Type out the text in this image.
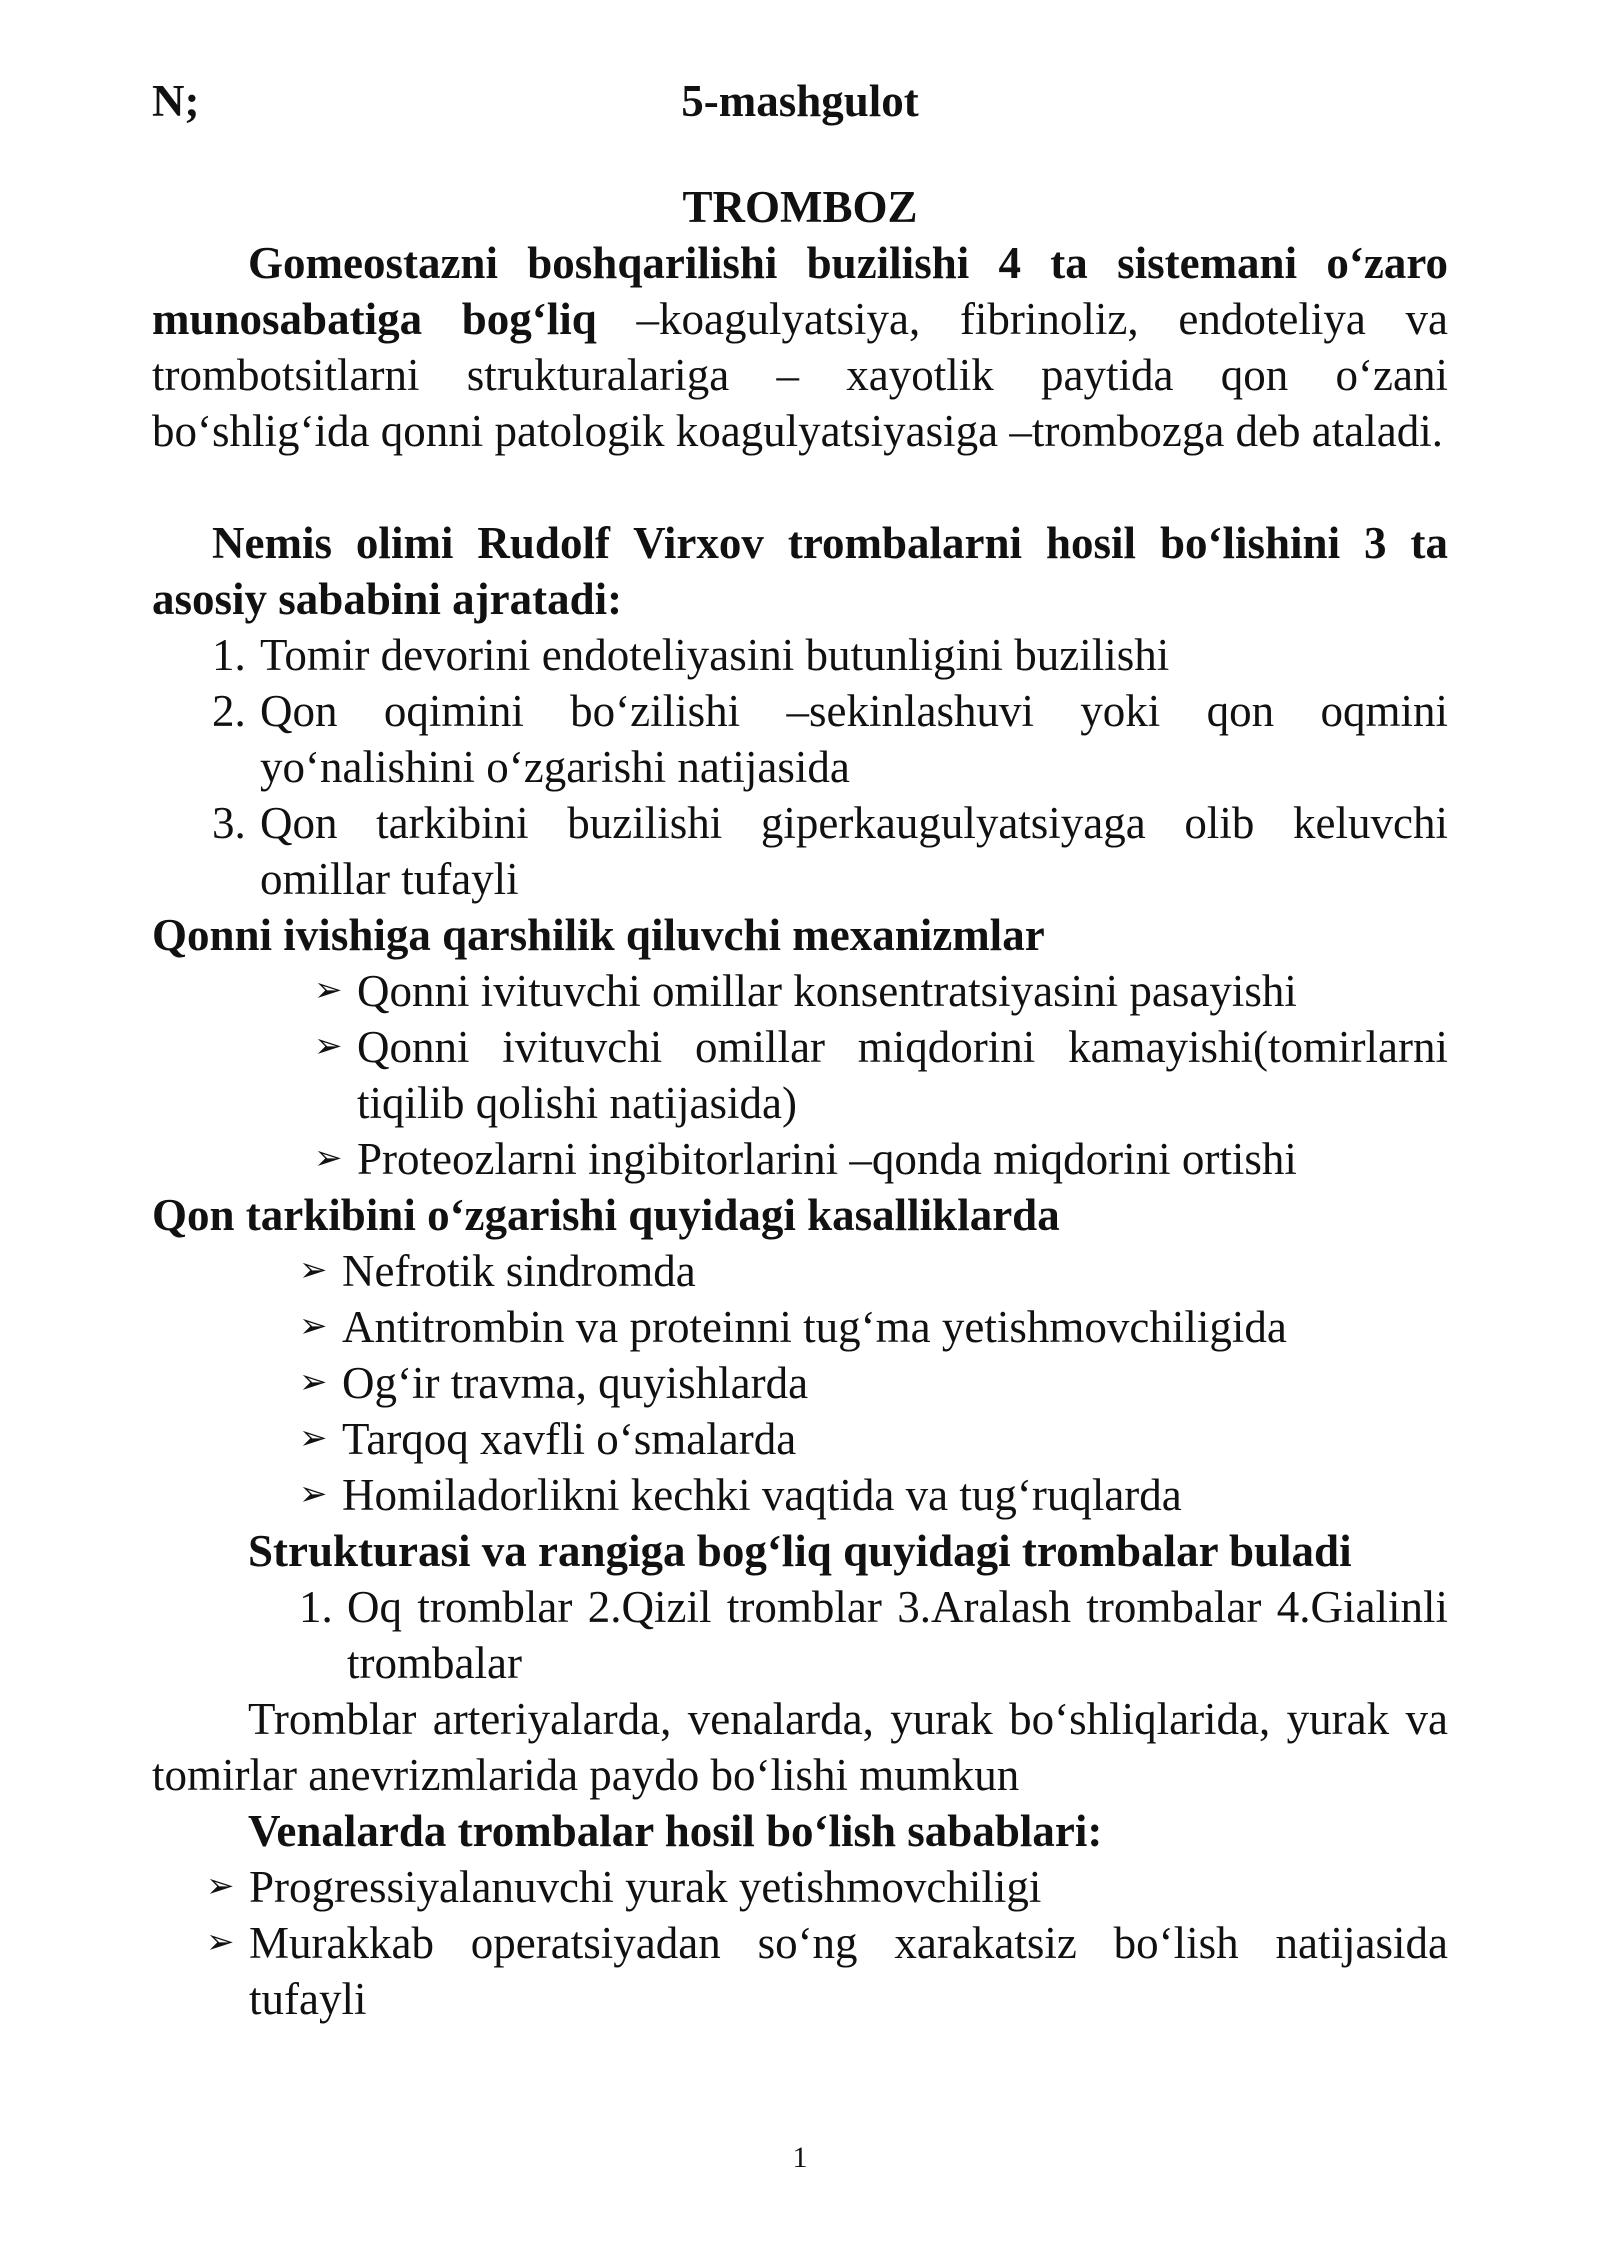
N;	5-mashgulot

TROMBOZ

Gomeostazni boshqarilishi buzilishi 4 ta sistemani o‘zaro munosabatiga bog‘liq –koagulyatsiya, fibrinoliz, endoteliya va trombotsitlarni strukturalariga – xayotlik paytida qon o‘zani bo‘shlig‘ida qonni patologik koagulyatsiyasiga –trombozga deb ataladi.

Nemis olimi Rudolf Virxov trombalarni hosil bo‘lishini 3 ta asosiy sababini ajratadi:

1. Tomir devorini endoteliyasini butunligini buzilishi
2. Qon oqimini bo‘zilishi –sekinlashuvi yoki qon oqmini yo‘nalishini o‘zgarishi natijasida
3. Qon tarkibini buzilishi giperkaugulyatsiyaga olib keluvchi omillar tufayli

Qonni ivishiga qarshilik qiluvchi mexanizmlar

➢ Qonni ivituvchi omillar konsentratsiyasini pasayishi
➢ Qonni ivituvchi omillar miqdorini kamayishi(tomirlarni tiqilib qolishi natijasida)
➢ Proteozlarni ingibitorlarini –qonda miqdorini ortishi

Qon tarkibini o‘zgarishi quyidagi kasalliklarda

➢ Nefrotik sindromda
➢ Antitrombin va proteinni tug‘ma yetishmovchiligida
➢ Og‘ir travma, quyishlarda
➢ Tarqoq xavfli o‘smalarda
➢ Homiladorlikni kechki vaqtida va tug‘ruqlarda

Strukturasi va rangiga bog‘liq quyidagi trombalar buladi

1. Oq tromblar 2.Qizil tromblar 3.Aralash trombalar 4.Gialinli trombalar

Tromblar arteriyalarda, venalarda, yurak bo‘shliqlarida, yurak va tomirlar anevrizmlarida paydo bo‘lishi mumkun

Venalarda trombalar hosil bo‘lish sabablari:

➢ Progressiyalanuvchi yurak yetishmovchiligi
➢ Murakkab operatsiyadan so‘ng xarakatsiz bo‘lish natijasida tufayli
1
